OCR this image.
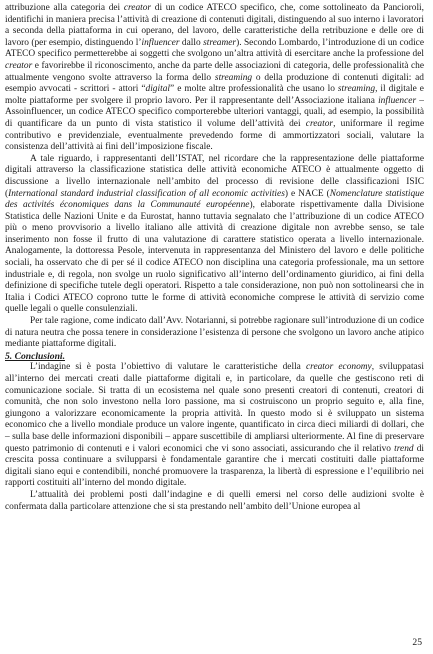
attribuzione alla categoria dei creator di un codice ATECO specifico, che, come sottolineato da Pancioroli, identifichi in maniera precisa l’attività di creazione di contenuti digitali, distinguendo al suo interno i lavoratori a seconda della piattaforma in cui operano, del lavoro, delle caratteristiche della retribuzione e delle ore di lavoro (per esempio, distinguendo l’influencer dallo streamer). Secondo Lombardo, l’introduzione di un codice ATECO specifico permetterebbe ai soggetti che svolgono un’altra attività di esercitare anche la professione del creator e favorirebbe il riconoscimento, anche da parte delle associazioni di categoria, delle professionalità che attualmente vengono svolte attraverso la forma dello streaming o della produzione di contenuti digitali: ad esempio avvocati - scrittori - attori “digital” e molte altre professionalità che usano lo streaming, il digitale e molte piattaforme per svolgere il proprio lavoro. Per il rappresentante dell’Associazione italiana influencer – Assoinfluencer, un codice ATECO specifico comporterebbe ulteriori vantaggi, quali, ad esempio, la possibilità di quantificare da un punto di vista statistico il volume dell’attività dei creator, uniformare il regime contributivo e previdenziale, eventualmente prevedendo forme di ammortizzatori sociali, valutare la consistenza dell’attività ai fini dell’imposizione fiscale.

A tale riguardo, i rappresentanti dell’ISTAT, nel ricordare che la rappresentazione delle piattaforme digitali attraverso la classificazione statistica delle attività economiche ATECO è attualmente oggetto di discussione a livello internazionale nell’ambito del processo di revisione delle classificazioni ISIC (International standard industrial classification of all economic activities) e NACE (Nomenclature statistique des activités économiques dans la Communauté européenne), elaborate rispettivamente dalla Divisione Statistica delle Nazioni Unite e da Eurostat, hanno tuttavia segnalato che l’attribuzione di un codice ATECO più o meno provvisorio a livello italiano alle attività di creazione digitale non avrebbe senso, se tale inserimento non fosse il frutto di una valutazione di carattere statistico operata a livello internazionale. Analogamente, la dottoressa Pesole, intervenuta in rappresentanza del Ministero del lavoro e delle politiche sociali, ha osservato che di per sé il codice ATECO non disciplina una categoria professionale, ma un settore industriale e, di regola, non svolge un ruolo significativo all’interno dell’ordinamento giuridico, ai fini della definizione di specifiche tutele degli operatori. Rispetto a tale considerazione, non può non sottolinearsi che in Italia i Codici ATECO coprono tutte le forme di attività economiche comprese le attività di servizio come quelle legali o quelle consulenziali.

Per tale ragione, come indicato dall’Avv. Notarianni, si potrebbe ragionare sull’introduzione di un codice di natura neutra che possa tenere in considerazione l’esistenza di persone che svolgono un lavoro anche atipico mediante piattaforme digitali.

5. Conclusioni.

L’indagine si è posta l’obiettivo di valutare le caratteristiche della creator economy, sviluppatasi all’interno dei mercati creati dalle piattaforme digitali e, in particolare, da quelle che gestiscono reti di comunicazione sociale. Si tratta di un ecosistema nel quale sono presenti creatori di contenuti, creatori di comunità, che non solo investono nella loro passione, ma si costruiscono un proprio seguito e, alla fine, giungono a valorizzare economicamente la propria attività. In questo modo si è sviluppato un sistema economico che a livello mondiale produce un valore ingente, quantificato in circa dieci miliardi di dollari, che – sulla base delle informazioni disponibili – appare suscettibile di ampliarsi ulteriormente. Al fine di preservare questo patrimonio di contenuti e i valori economici che vi sono associati, assicurando che il relativo trend di crescita possa continuare a svilupparsi è fondamentale garantire che i mercati costituiti dalle piattaforme digitali siano equi e contendibili, nonché promuovere la trasparenza, la libertà di espressione e l’equilibrio nei rapporti costituiti all’interno del mondo digitale.

L’attualità dei problemi posti dall’indagine e di quelli emersi nel corso delle audizioni svolte è confermata dalla particolare attenzione che si sta prestando nell’ambito dell’Unione europea al

25
